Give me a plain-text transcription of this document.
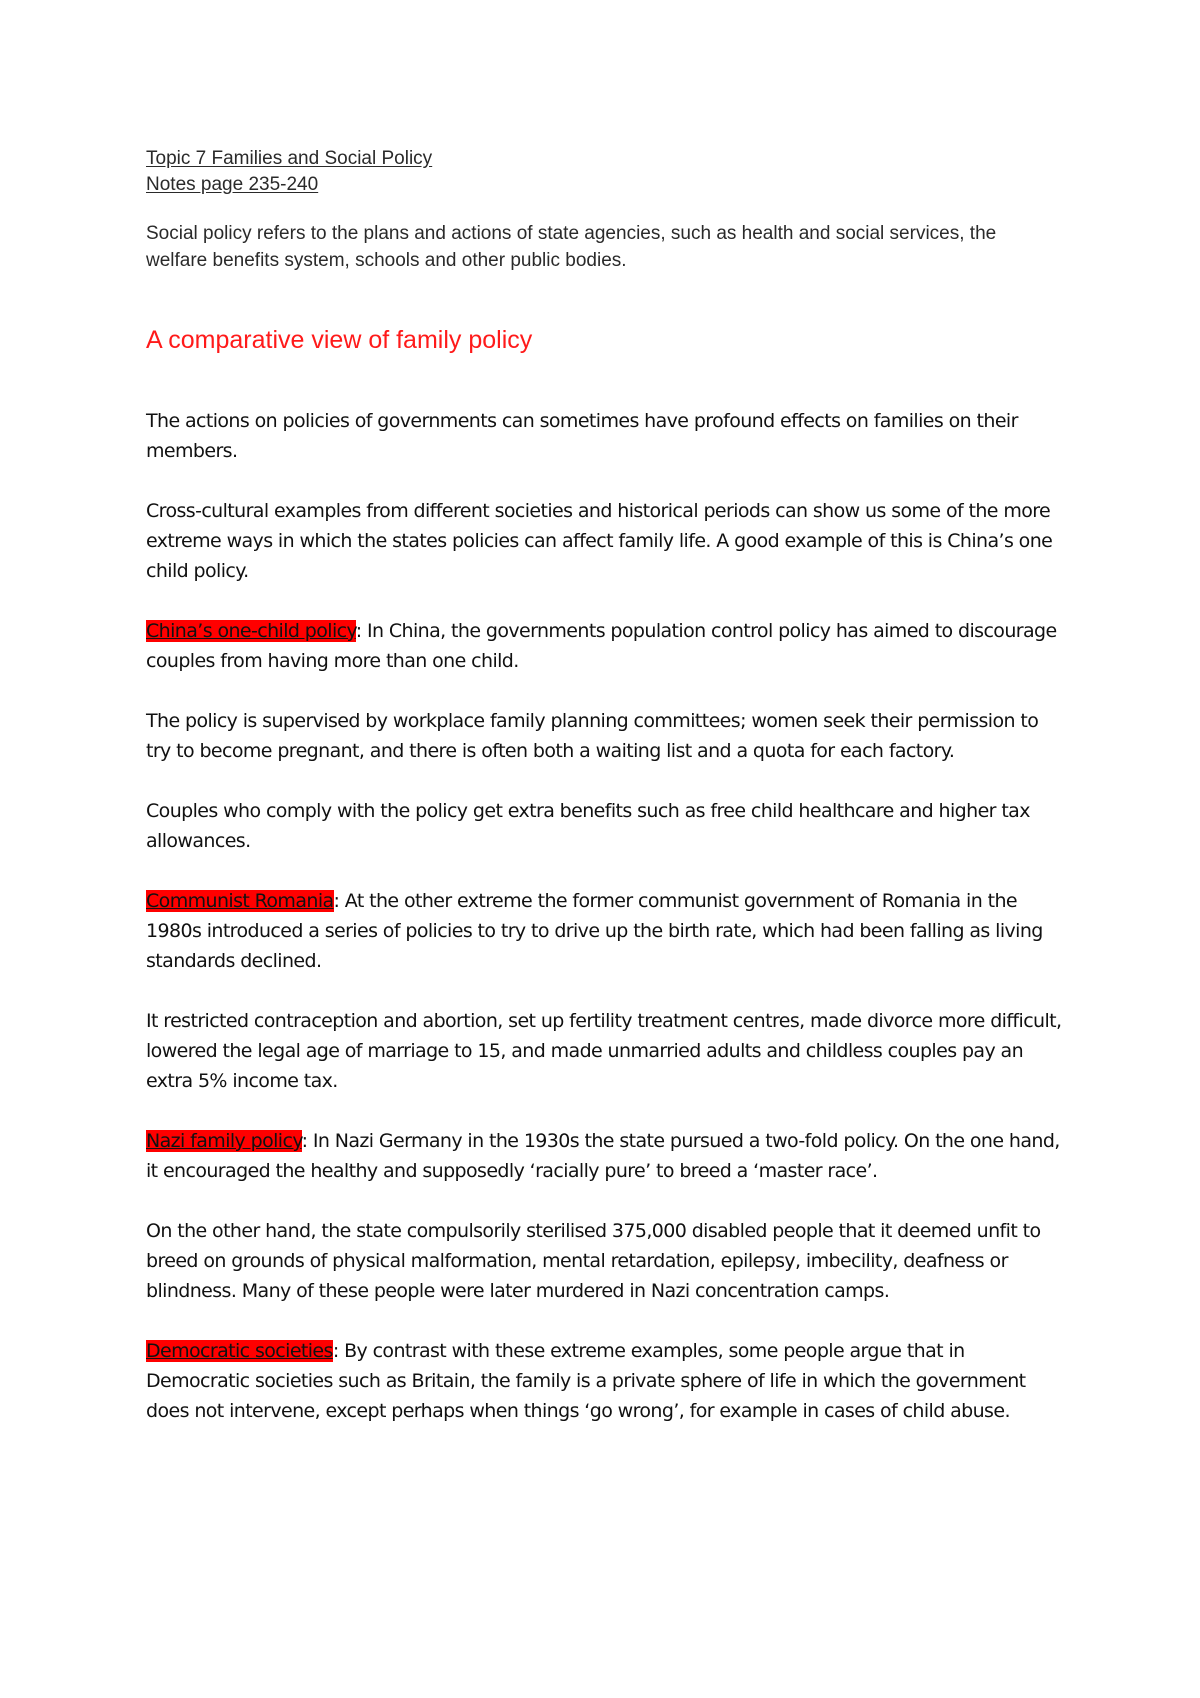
Topic 7 Families and Social Policy

Notes page 235-240

Social policy refers to the plans and actions of state agencies, such as health and social services, the welfare benefits system, schools and other public bodies.

A comparative view of family policy

The actions on policies of governments can sometimes have profound effects on families on their members.

Cross-cultural examples from different societies and historical periods can show us some of the more extreme ways in which the states policies can affect family life. A good example of this is China’s one child policy.

China’s one-child policy: In China, the governments population control policy has aimed to discourage couples from having more than one child.

The policy is supervised by workplace family planning committees; women seek their permission to try to become pregnant, and there is often both a waiting list and a quota for each factory.

Couples who comply with the policy get extra benefits such as free child healthcare and higher tax allowances.

Communist Romania: At the other extreme the former communist government of Romania in the 1980s introduced a series of policies to try to drive up the birth rate, which had been falling as living standards declined.

It restricted contraception and abortion, set up fertility treatment centres, made divorce more difficult, lowered the legal age of marriage to 15, and made unmarried adults and childless couples pay an extra 5% income tax.

Nazi family policy: In Nazi Germany in the 1930s the state pursued a two-fold policy. On the one hand, it encouraged the healthy and supposedly ‘racially pure’ to breed a ‘master race’.

On the other hand, the state compulsorily sterilised 375,000 disabled people that it deemed unfit to breed on grounds of physical malformation, mental retardation, epilepsy, imbecility, deafness or blindness. Many of these people were later murdered in Nazi concentration camps.

Democratic societies: By contrast with these extreme examples, some people argue that in Democratic societies such as Britain, the family is a private sphere of life in which the government does not intervene, except perhaps when things ‘go wrong’, for example in cases of child abuse.
